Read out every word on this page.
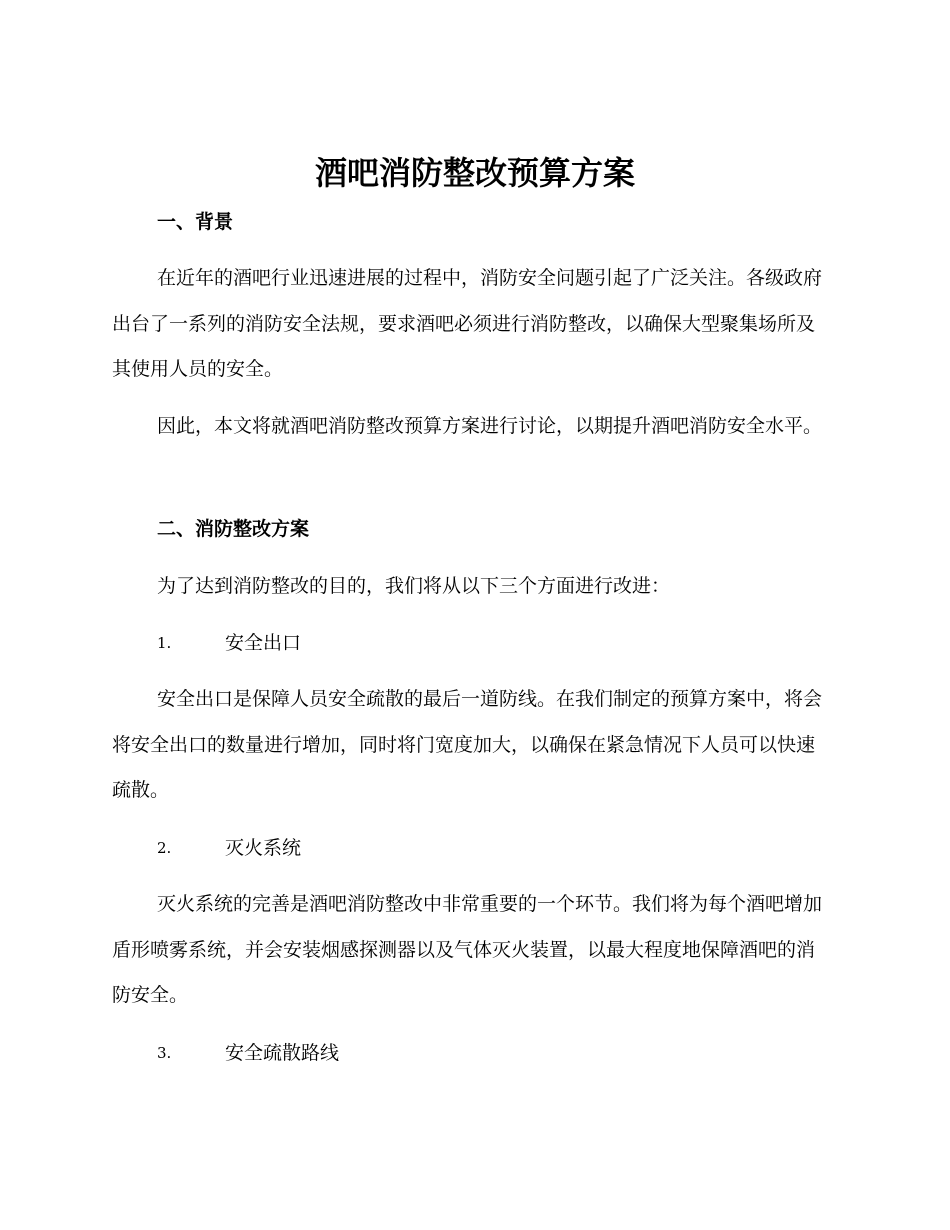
酒吧消防整改预算方案
一、背景

在近年的酒吧行业迅速进展的过程中，消防安全问题引起了广泛关注。各级政府出台了一系列的消防安全法规，要求酒吧必须进行消防整改，以确保大型聚集场所及其使用人员的安全。

因此，本文将就酒吧消防整改预算方案进行讨论，以期提升酒吧消防安全水平。

二、消防整改方案

为了达到消防整改的目的，我们将从以下三个方面进行改进：

1.	安全出口

安全出口是保障人员安全疏散的最后一道防线。在我们制定的预算方案中，将会将安全出口的数量进行增加，同时将门宽度加大，以确保在紧急情况下人员可以快速疏散。

2.	灭火系统

灭火系统的完善是酒吧消防整改中非常重要的一个环节。我们将为每个酒吧增加盾形喷雾系统，并会安装烟感探测器以及气体灭火装置，以最大程度地保障酒吧的消防安全。

3.	安全疏散路线
